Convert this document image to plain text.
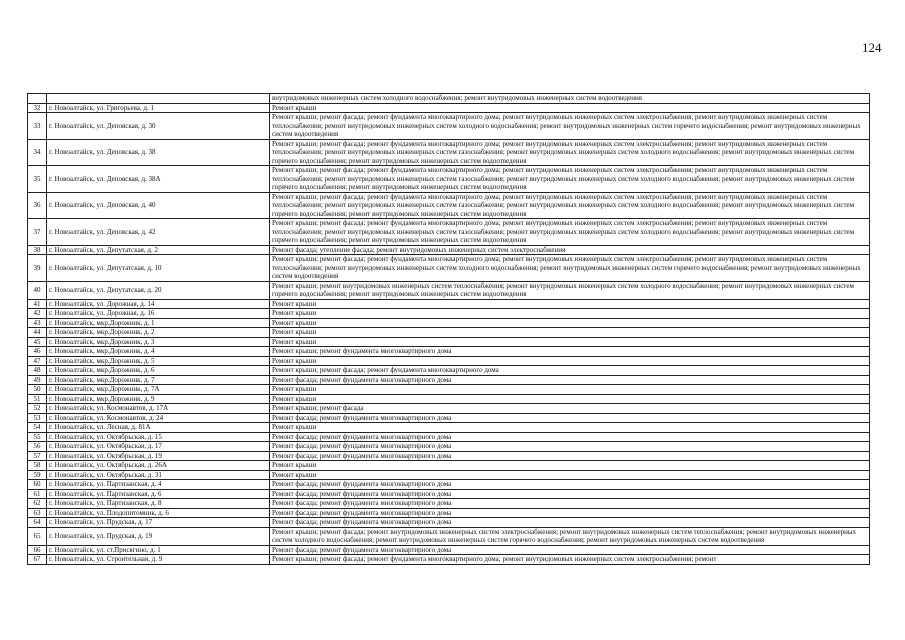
124
		внутридомовых инженерных систем холодного водоснабжения; ремонт внутридомовых инженерных систем водоотведения
32	г. Новоалтайск, ул. Григорьева, д. 1	Ремонт крыши
33	г. Новоалтайск, ул. Деповская, д. 30	Ремонт крыши; ремонт фасада; ремонт фундамента многоквартирного дома; ремонт внутридомовых инженерных систем электроснабжения; ремонт внутридомовых инженерных систем теплоснабжения; ремонт внутридомовых инженерных систем холодного водоснабжения; ремонт внутридомовых инженерных систем горячего водоснабжения; ремонт внутридомовых инженерных систем водоотведения
34	г. Новоалтайск, ул. Деповская, д. 38	Ремонт крыши; ремонт фасада; ремонт фундамента многоквартирного дома; ремонт внутридомовых инженерных систем электроснабжения; ремонт внутридомовых инженерных систем теплоснабжения; ремонт внутридомовых инженерных систем газоснабжения; ремонт внутридомовых инженерных систем холодного водоснабжения; ремонт внутридомовых инженерных систем горячего водоснабжения; ремонт внутридомовых инженерных систем водоотведения
35	г. Новоалтайск, ул. Деповская, д. 38А	Ремонт крыши; ремонт фасада; ремонт фундамента многоквартирного дома; ремонт внутридомовых инженерных систем электроснабжения; ремонт внутридомовых инженерных систем теплоснабжения; ремонт внутридомовых инженерных систем газоснабжения; ремонт внутридомовых инженерных систем холодного водоснабжения; ремонт внутридомовых инженерных систем горячего водоснабжения; ремонт внутридомовых инженерных систем водоотведения
36	г. Новоалтайск, ул. Деповская, д. 40	Ремонт крыши; ремонт фасада; ремонт фундамента многоквартирного дома; ремонт внутридомовых инженерных систем электроснабжения; ремонт внутридомовых инженерных систем теплоснабжения; ремонт внутридомовых инженерных систем газоснабжения; ремонт внутридомовых инженерных систем холодного водоснабжения; ремонт внутридомовых инженерных систем горячего водоснабжения; ремонт внутридомовых инженерных систем водоотведения
37	г. Новоалтайск, ул. Деповская, д. 42	Ремонт крыши; ремонт фасада; ремонт фундамента многоквартирного дома; ремонт внутридомовых инженерных систем электроснабжения; ремонт внутридомовых инженерных систем теплоснабжения; ремонт внутридомовых инженерных систем газоснабжения; ремонт внутридомовых инженерных систем холодного водоснабжения; ремонт внутридомовых инженерных систем горячего водоснабжения; ремонт внутридомовых инженерных систем водоотведения
38	г. Новоалтайск, ул. Депутатская, д. 2	Ремонт фасада; утепление фасада; ремонт внутридомовых инженерных систем электроснабжения
39	г. Новоалтайск, ул. Депутатская, д. 10	Ремонт крыши; ремонт фасада; ремонт фундамента многоквартирного дома; ремонт внутридомовых инженерных систем электроснабжения; ремонт внутридомовых инженерных систем теплоснабжения; ремонт внутридомовых инженерных систем холодного водоснабжения; ремонт внутридомовых инженерных систем горячего водоснабжения; ремонт внутридомовых инженерных систем водоотведения
40	г. Новоалтайск, ул. Депутатская, д. 20	Ремонт крыши; ремонт внутридомовых инженерных систем теплоснабжения; ремонт внутридомовых инженерных систем холодного водоснабжения; ремонт внутридомовых инженерных систем горячего водоснабжения; ремонт внутридомовых инженерных систем водоотведения
41	г. Новоалтайск, ул. Дорожная, д. 14	Ремонт крыши
42	г. Новоалтайск, ул. Дорожная, д. 16	Ремонт крыши
43	г. Новоалтайск, мкр.Дорожник, д. 1	Ремонт крыши
44	г. Новоалтайск, мкр.Дорожник, д. 2	Ремонт крыши
45	г. Новоалтайск, мкр.Дорожник, д. 3	Ремонт крыши
46	г. Новоалтайск, мкр.Дорожник, д. 4	Ремонт крыши; ремонт фундамента многоквартирного дома
47	г. Новоалтайск, мкр.Дорожник, д. 5	Ремонт крыши
48	г. Новоалтайск, мкр.Дорожник, д. 6	Ремонт крыши; ремонт фасада; ремонт фундамента многоквартирного дома
49	г. Новоалтайск, мкр.Дорожник, д. 7	Ремонт фасада; ремонт фундамента многоквартирного дома
50	г. Новоалтайск, мкр.Дорожник, д. 7А	Ремонт крыши
51	г. Новоалтайск, мкр.Дорожник, д. 9	Ремонт крыши
52	г. Новоалтайск, ул. Космонавтов, д. 17А	Ремонт крыши; ремонт фасада
53	г. Новоалтайск, ул. Космонавтов, д. 24	Ремонт фасада; ремонт фундамента многоквартирного дома
54	г. Новоалтайск, ул. Лесная, д. 81А	Ремонт крыши
55	г. Новоалтайск, ул. Октябрьская, д. 15	Ремонт фасада; ремонт фундамента многоквартирного дома
56	г. Новоалтайск, ул. Октябрьская, д. 17	Ремонт фасада; ремонт фундамента многоквартирного дома
57	г. Новоалтайск, ул. Октябрьская, д. 19	Ремонт фасада; ремонт фундамента многоквартирного дома
58	г. Новоалтайск, ул. Октябрьская, д. 26А	Ремонт крыши
59	г. Новоалтайск, ул. Октябрьская, д. 31	Ремонт крыши
60	г. Новоалтайск, ул. Партизанская, д. 4	Ремонт фасада; ремонт фундамента многоквартирного дома
61	г. Новоалтайск, ул. Партизанская, д. 6	Ремонт фасада; ремонт фундамента многоквартирного дома
62	г. Новоалтайск, ул. Партизанская, д. 8	Ремонт фасада; ремонт фундамента многоквартирного дома
63	г. Новоалтайск, ул. Плодопитомник, д. 6	Ремонт фасада; ремонт фундамента многоквартирного дома
64	г. Новоалтайск, ул. Прудская, д. 17	Ремонт фасада; ремонт фундамента многоквартирного дома
65	г. Новоалтайск, ул. Прудская, д. 19	Ремонт крыши; ремонт фасада; ремонт внутридомовых инженерных систем электроснабжения; ремонт внутридомовых инженерных систем теплоснабжения; ремонт внутридомовых инженерных систем холодного водоснабжения; ремонт внутридомовых инженерных систем горячего водоснабжения; ремонт внутридомовых инженерных систем водоотведения
66	г. Новоалтайск, ул. ст.Присягино, д. 1	Ремонт фасада; ремонт фундамента многоквартирного дома
67	г. Новоалтайск, ул. Строительная, д. 9	Ремонт крыши; ремонт фасада; ремонт фундамента многоквартирного дома; ремонт внутридомовых инженерных систем электроснабжения; ремонт
